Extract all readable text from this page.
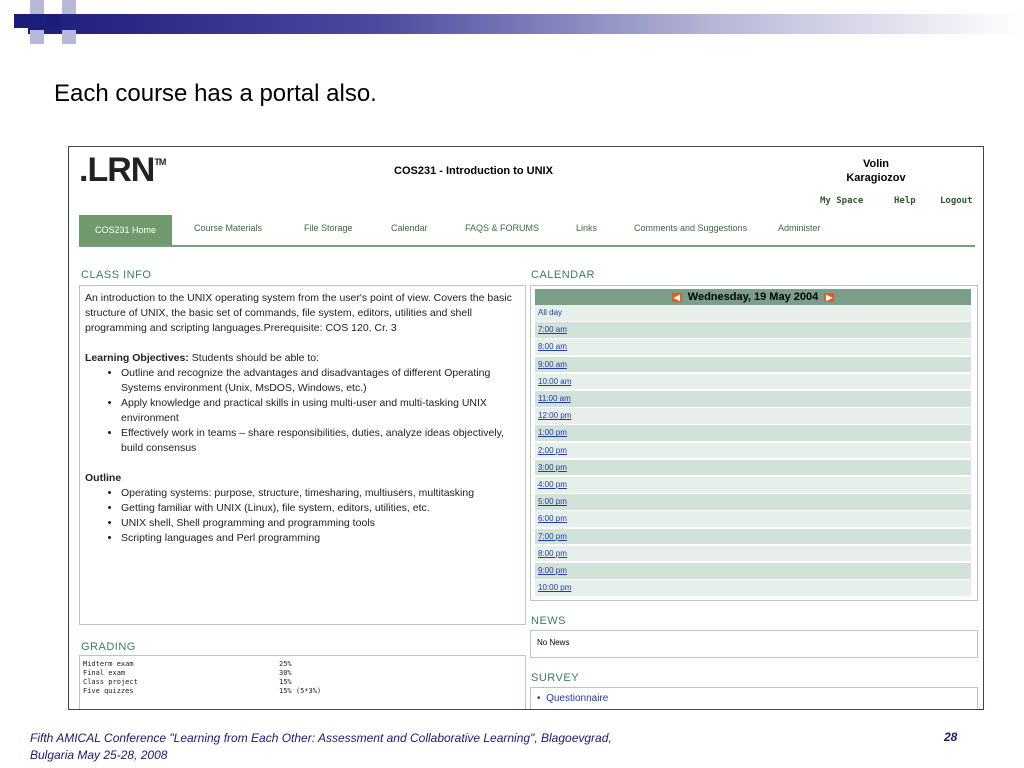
Each course has a portal also.
.LRN™
COS231 - Introduction to UNIX
Volin
Karagiozov
My Space	Help	Logout
COS231 Home	Course Materials	File Storage	Calendar	FAQS & FORUMS	Links	Comments and Suggestions	Administer
CLASS INFO

An introduction to the UNIX operating system from the user's point of view. Covers the basic structure of UNIX, the basic set of commands, file system, editors, utilities and shell programming and scripting languages.Prerequisite: COS 120, Cr. 3

Learning Objectives: Students should be able to:
• Outline and recognize the advantages and disadvantages of different Operating Systems environment (Unix, MsDOS, Windows, etc.)
• Apply knowledge and practical skills in using multi-user and multi-tasking UNIX environment
• Effectively work in teams – share responsibilities, duties, analyze ideas objectively, build consensus
Outline
• Operating systems: purpose, structure, timesharing, multiusers, multitasking
• Getting familiar with UNIX (Linux), file system, editors, utilities, etc.
• UNIX shell, Shell programming and programming tools
• Scripting languages and Perl programming
GRADING
Midterm exam	25%
Final exam	30%
Class project	15%
Five quizzes	15% (5*3%)
CALENDAR
◀ Wednesday, 19 May 2004 ▶
All day
7:00 am
8:00 am
9:00 am
10:00 am
11:00 am
12:00 pm
1:00 pm
2:00 pm
3:00 pm
4:00 pm
5:00 pm
6:00 pm
7:00 pm
8:00 pm
9:00 pm
10:00 pm
NEWS
No News
SURVEY
•  Questionnaire
Fifth AMICAL Conference "Learning from Each Other: Assessment and Collaborative Learning", Blagoevgrad, Bulgaria May 25-28, 2008
28
